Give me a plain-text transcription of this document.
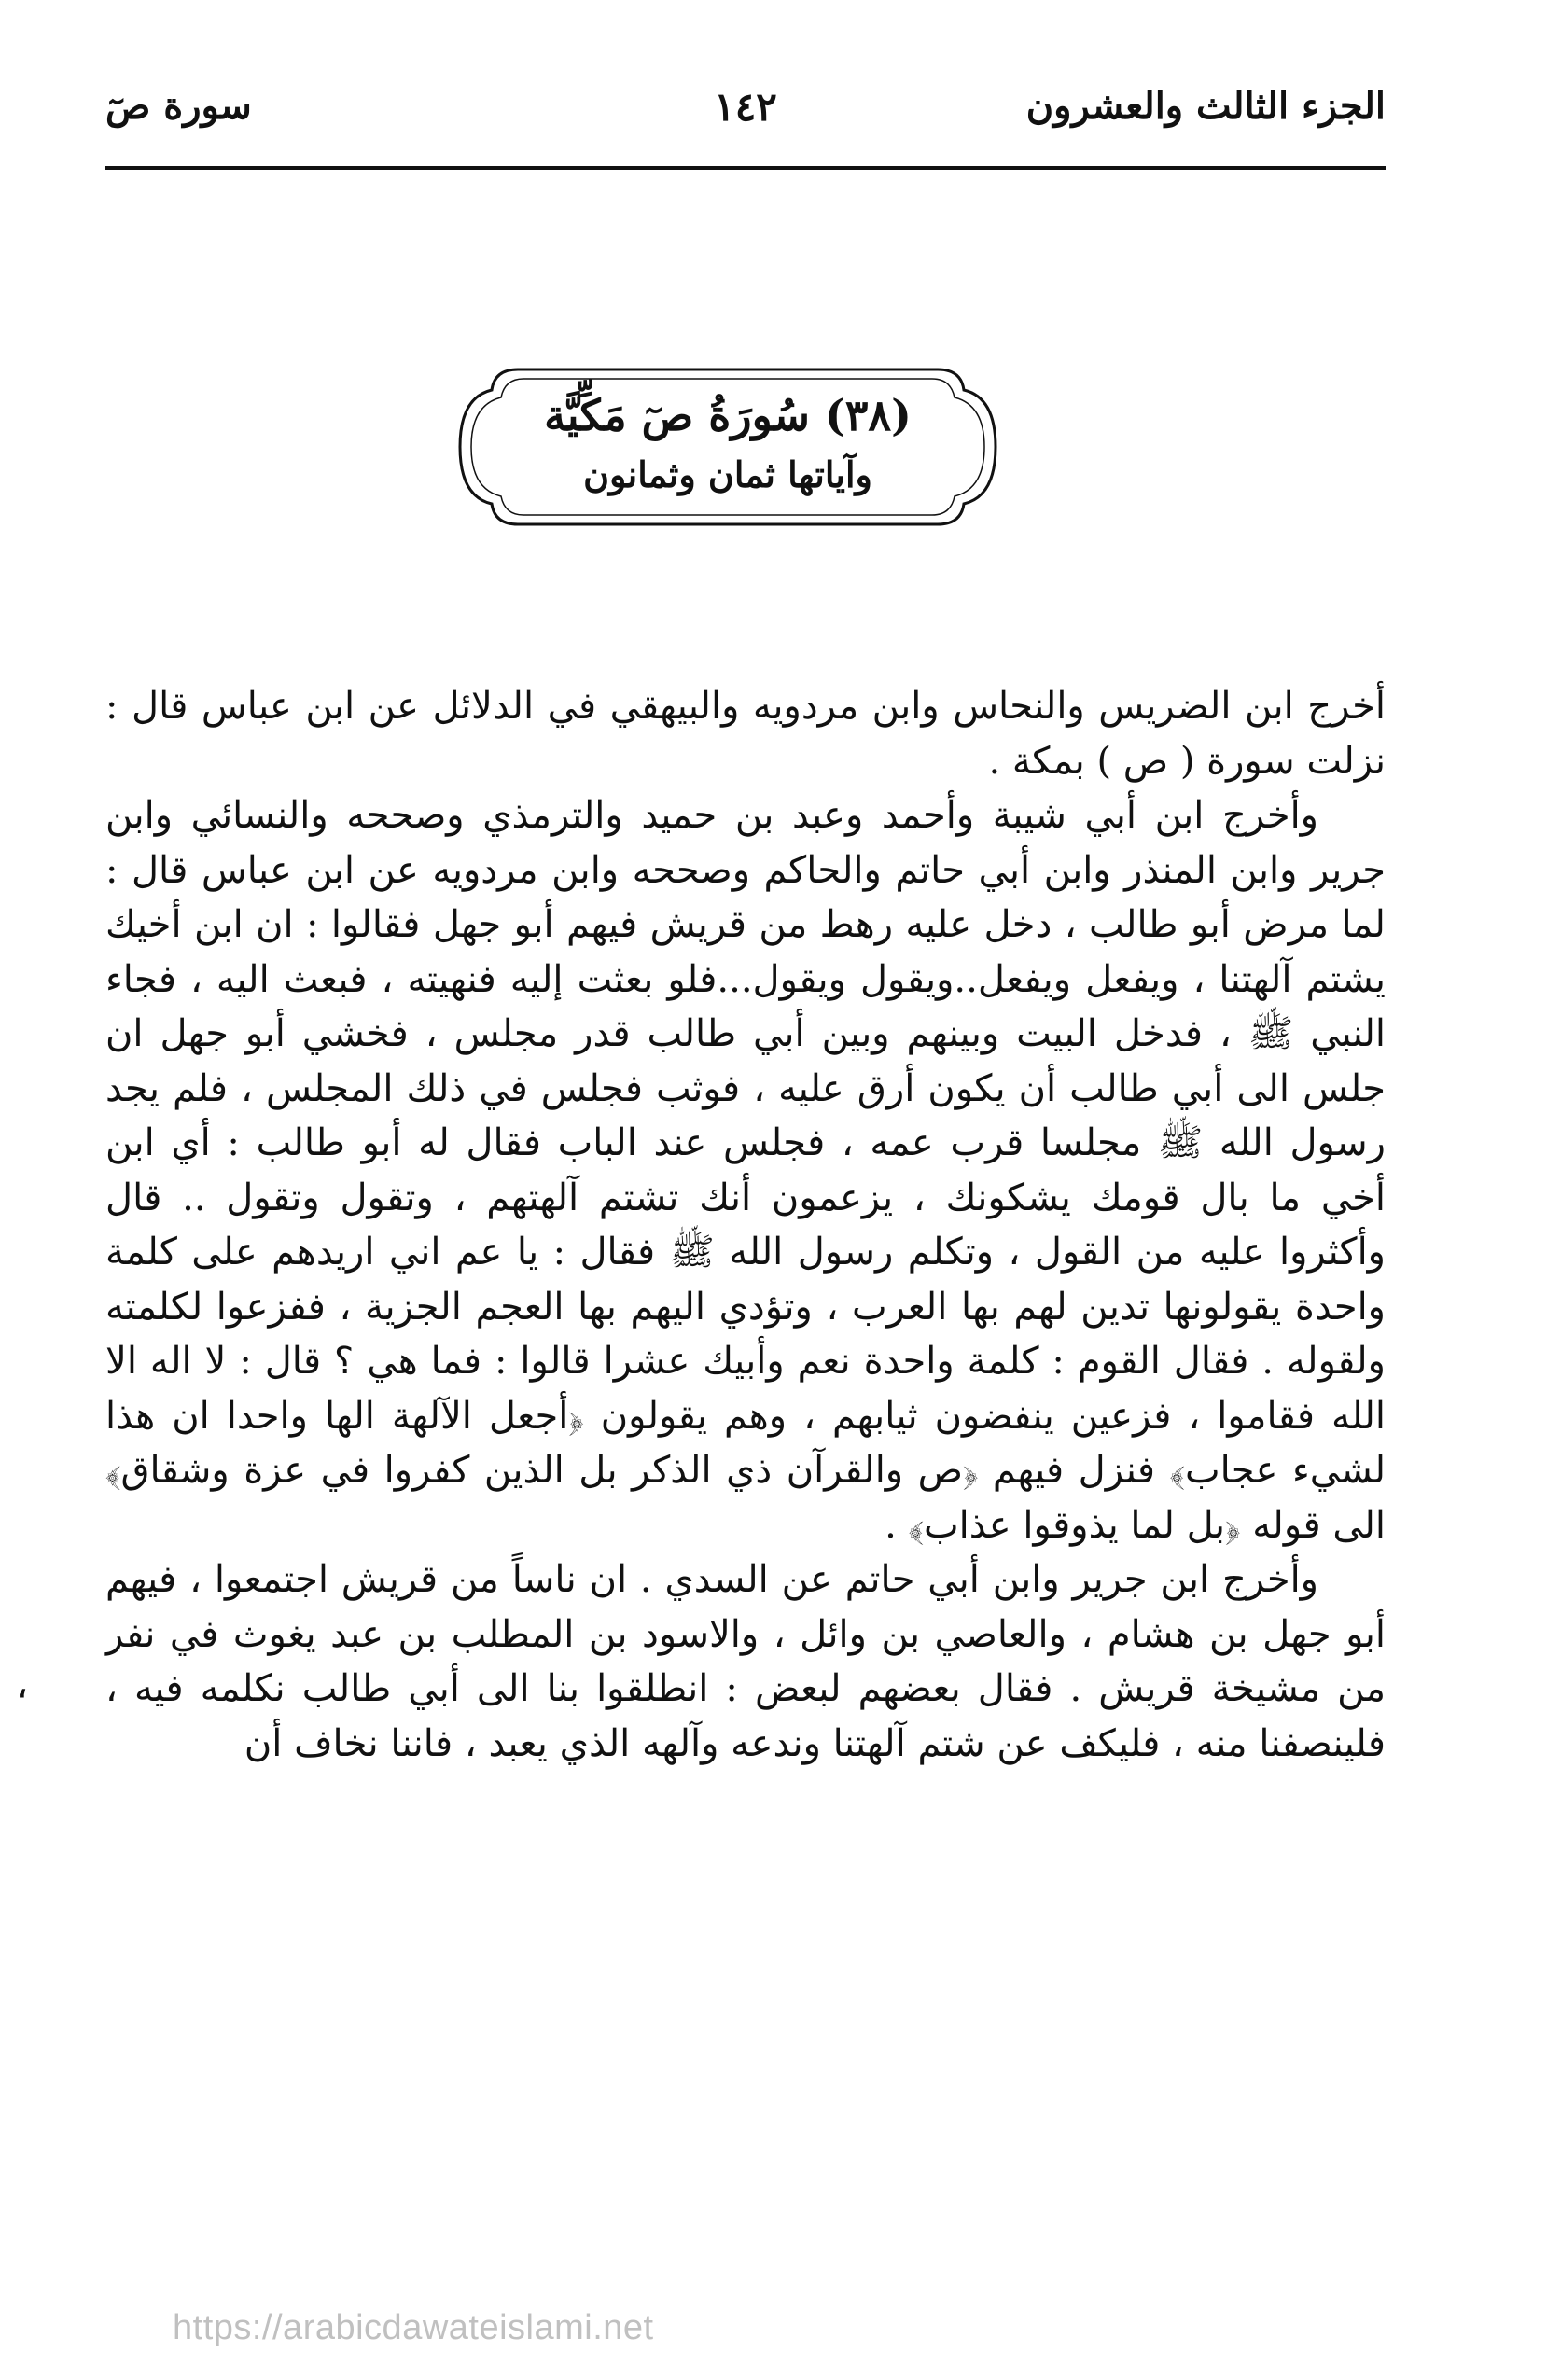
الجزء الثالث والعشرون
١٤٢
سورة صٓ
(٣٨) سُورَةُ صٓ مَكِّيَّة
وآياتها ثمان وثمانون

أخرج ابن الضريس والنحاس وابن مردويه والبيهقي في الدلائل عن ابن عباس قال : نزلت سورة ( ص ) بمكة .

وأخرج ابن أبي شيبة وأحمد وعبد بن حميد والترمذي وصححه والنسائي وابن جرير وابن المنذر وابن أبي حاتم والحاكم وصححه وابن مردويه عن ابن عباس قال : لما مرض أبو طالب ، دخل عليه رهط من قريش فيهم أبو جهل فقالوا : ان ابن أخيك يشتم آلهتنا ، ويفعل ويفعل..ويقول ويقول...فلو بعثت إليه فنهيته ، فبعث اليه ، فجاء النبي ﷺ ، فدخل البيت وبينهم وبين أبي طالب قدر مجلس ، فخشي أبو جهل ان جلس الى أبي طالب أن يكون أرق عليه ، فوثب فجلس في ذلك المجلس ، فلم يجد رسول الله ﷺ مجلسا قرب عمه ، فجلس عند الباب فقال له أبو طالب : أي ابن أخي ما بال قومك يشكونك ، يزعمون أنك تشتم آلهتهم ، وتقول وتقول .. قال وأكثروا عليه من القول ، وتكلم رسول الله ﷺ فقال : يا عم اني اريدهم على كلمة واحدة يقولونها تدين لهم بها العرب ، وتؤدي اليهم بها العجم الجزية ، ففزعوا لكلمته ولقوله . فقال القوم : كلمة واحدة نعم وأبيك عشرا قالوا : فما هي ؟ قال : لا اله الا الله فقاموا ، فزعين ينفضون ثيابهم ، وهم يقولون ﴿أجعل الآلهة الها واحدا ان هذا لشيء عجاب﴾ فنزل فيهم ﴿ص والقرآن ذي الذكر بل الذين كفروا في عزة وشقاق﴾ الى قوله ﴿بل لما يذوقوا عذاب﴾ .

وأخرج ابن جرير وابن أبي حاتم عن السدي . ان ناساً من قريش اجتمعوا ، فيهم أبو جهل بن هشام ، والعاصي بن وائل ، والاسود بن المطلب بن عبد يغوث في نفر من مشيخة قريش . فقال بعضهم لبعض : انطلقوا بنا الى أبي طالب نكلمه فيه ، فلينصفنا منه ، فليكف عن شتم آلهتنا وندعه وآلهه الذي يعبد ، فاننا نخاف أن

،
https://arabicdawateislami.net
